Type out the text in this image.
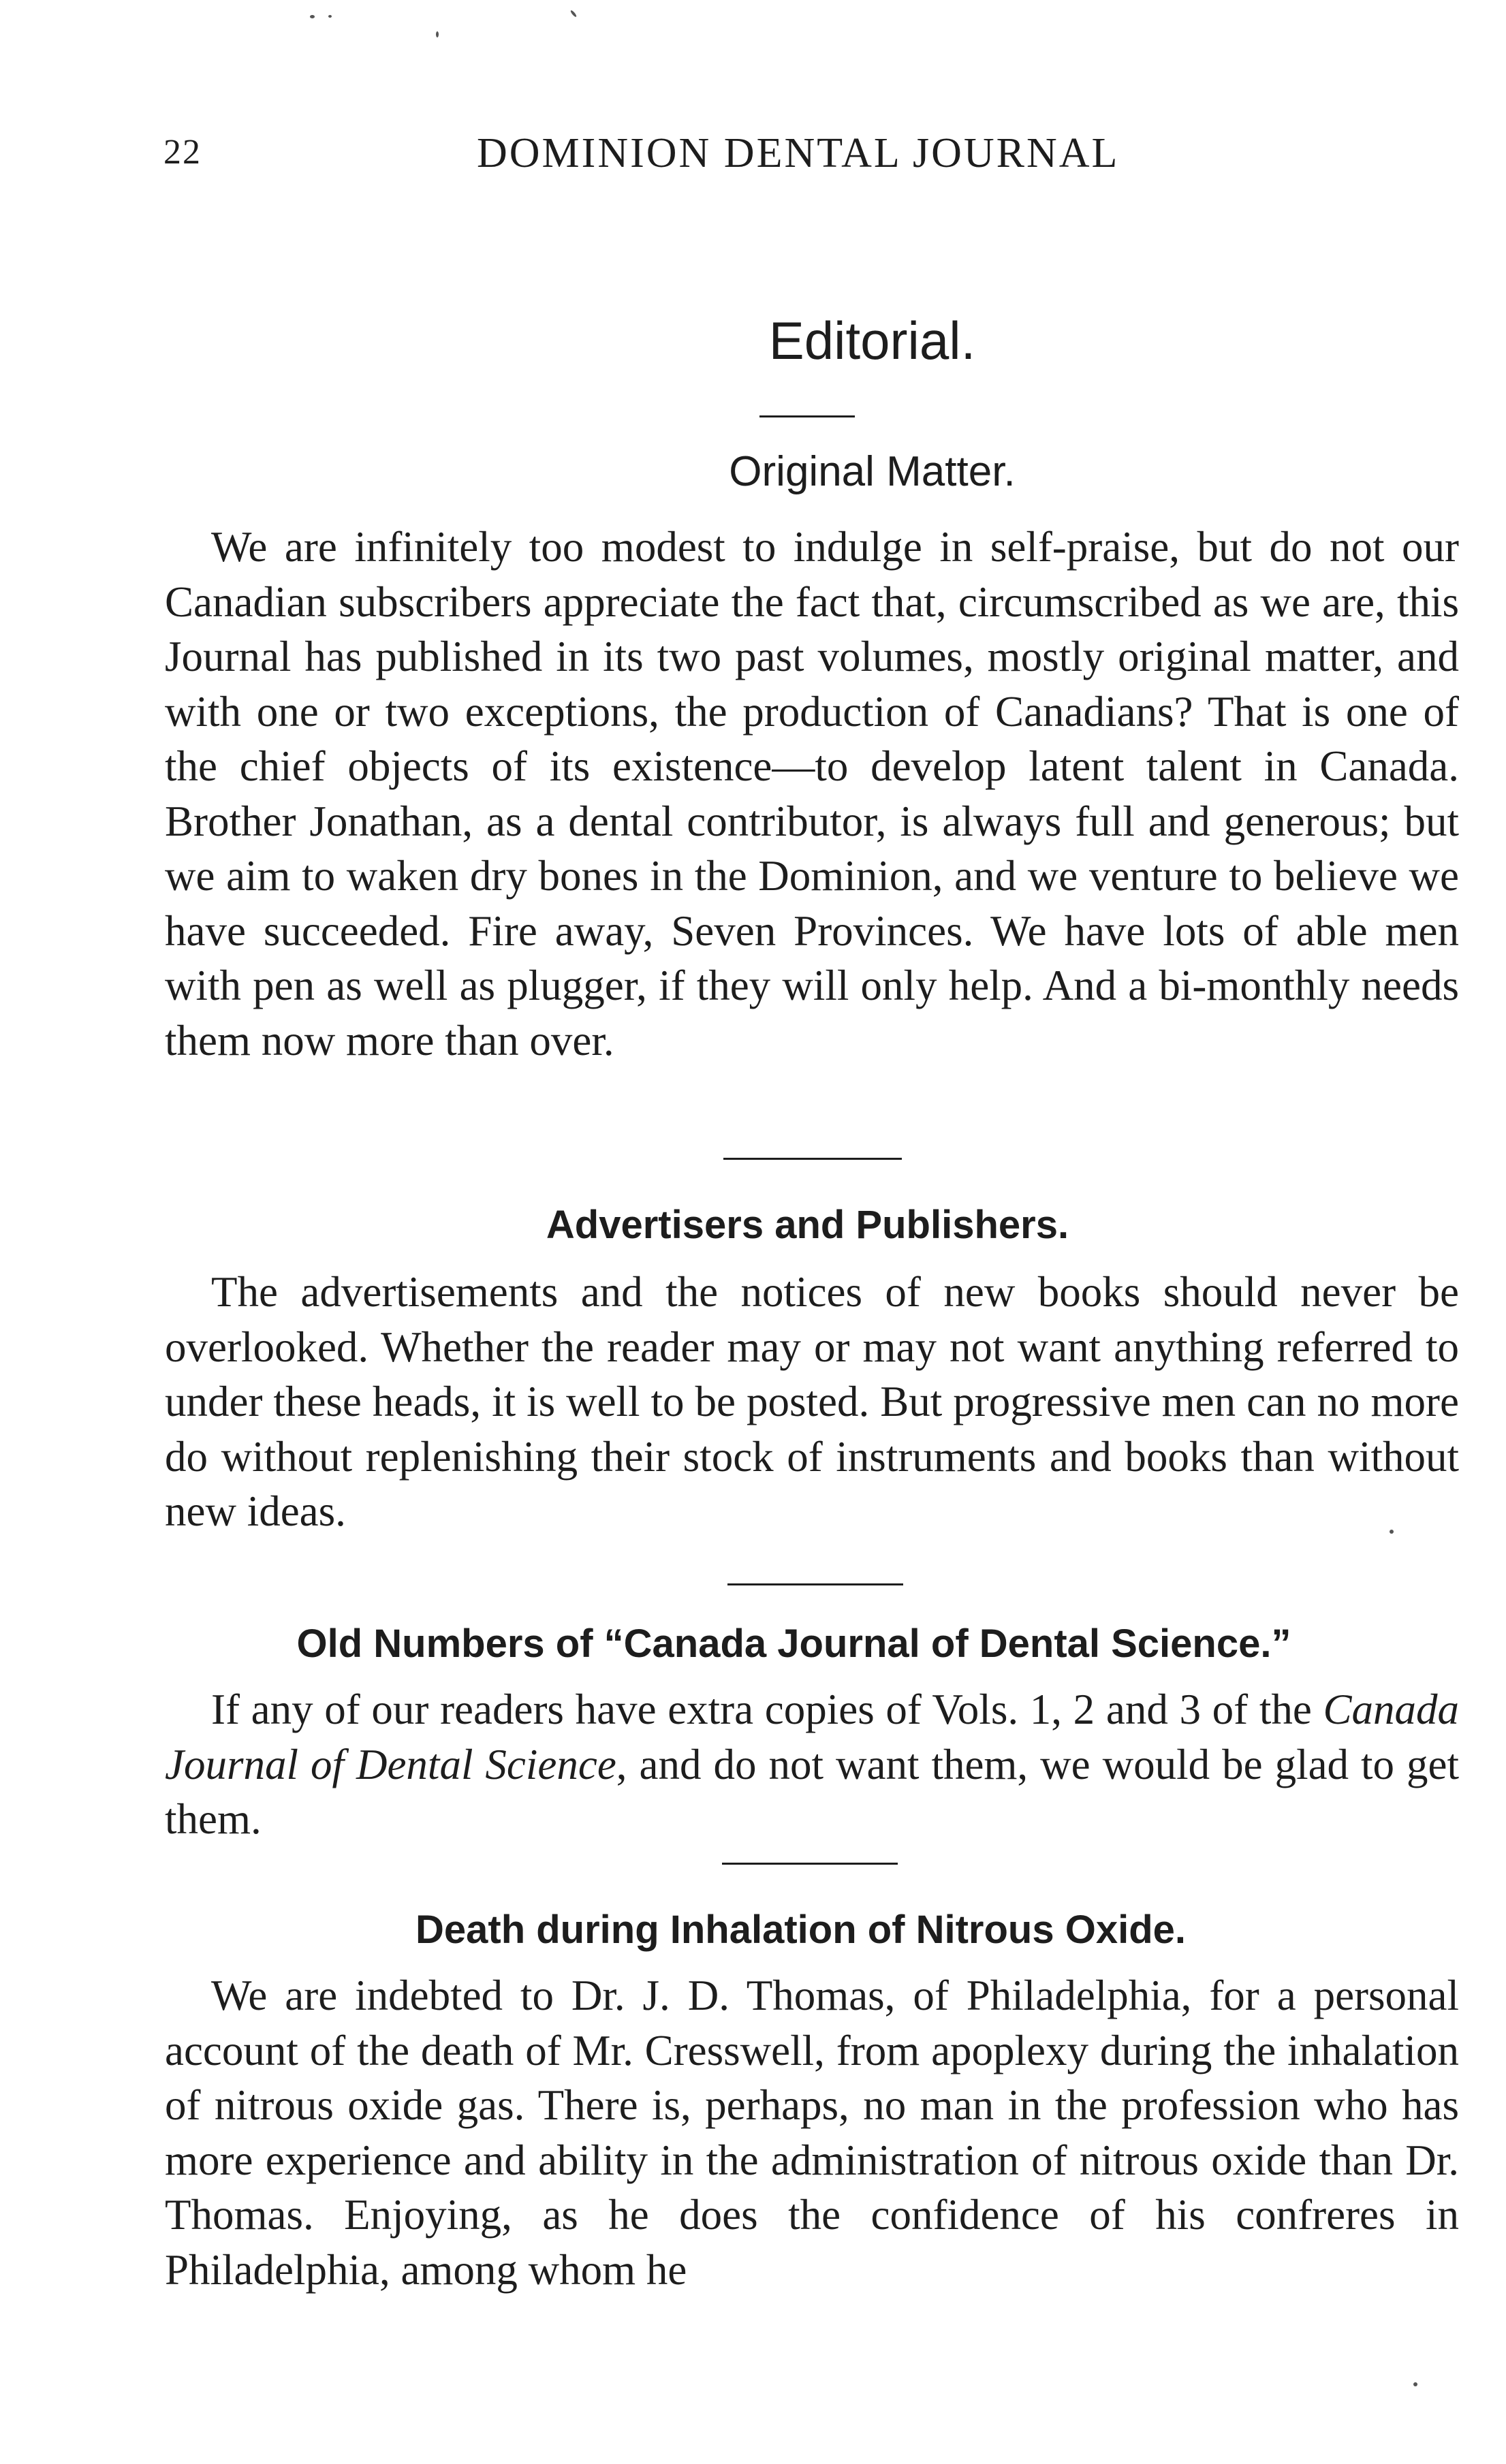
22	DOMINION DENTAL JOURNAL
Editorial.
Original Matter.

We are infinitely too modest to indulge in self-praise, but do not our Canadian subscribers appreciate the fact that, circumscribed as we are, this Journal has published in its two past volumes, mostly original matter, and with one or two exceptions, the production of Canadians? That is one of the chief objects of its existence—to develop latent talent in Canada. Brother Jonathan, as a dental contributor, is always full and generous; but we aim to waken dry bones in the Dominion, and we venture to believe we have succeeded. Fire away, Seven Provinces. We have lots of able men with pen as well as plugger, if they will only help. And a bi-monthly needs them now more than over.

Advertisers and Publishers.

The advertisements and the notices of new books should never be overlooked. Whether the reader may or may not want anything referred to under these heads, it is well to be posted. But progressive men can no more do without replenishing their stock of instruments and books than without new ideas.

Old Numbers of “Canada Journal of Dental Science.”

If any of our readers have extra copies of Vols. 1, 2 and 3 of the Canada Journal of Dental Science, and do not want them, we would be glad to get them.

Death during Inhalation of Nitrous Oxide.

We are indebted to Dr. J. D. Thomas, of Philadelphia, for a personal account of the death of Mr. Cresswell, from apoplexy during the inhalation of nitrous oxide gas. There is, perhaps, no man in the profession who has more experience and ability in the administration of nitrous oxide than Dr. Thomas. Enjoying, as he does the confidence of his confreres in Philadelphia, among whom he
